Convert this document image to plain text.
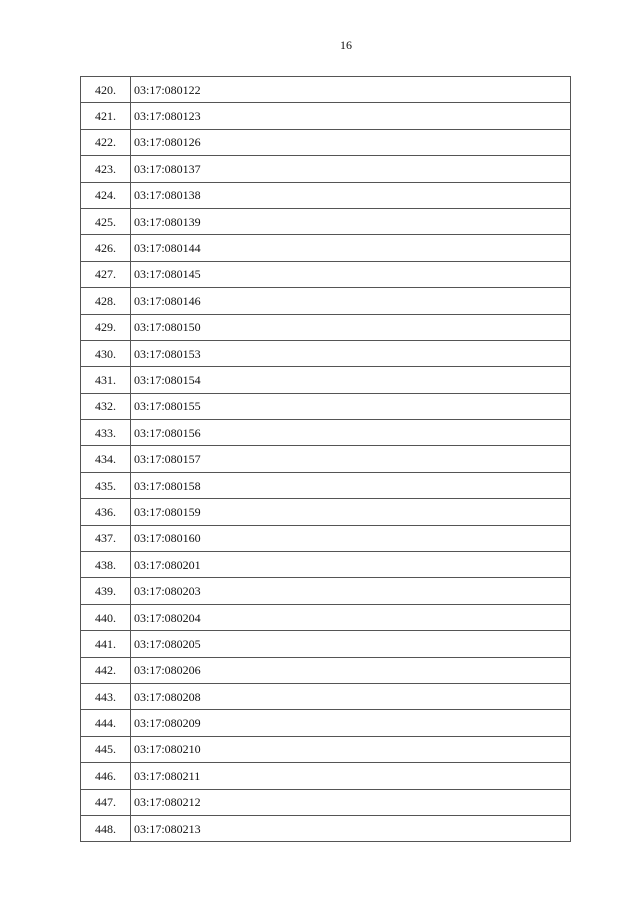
16
420.	03:17:080122
421.	03:17:080123
422.	03:17:080126
423.	03:17:080137
424.	03:17:080138
425.	03:17:080139
426.	03:17:080144
427.	03:17:080145
428.	03:17:080146
429.	03:17:080150
430.	03:17:080153
431.	03:17:080154
432.	03:17:080155
433.	03:17:080156
434.	03:17:080157
435.	03:17:080158
436.	03:17:080159
437.	03:17:080160
438.	03:17:080201
439.	03:17:080203
440.	03:17:080204
441.	03:17:080205
442.	03:17:080206
443.	03:17:080208
444.	03:17:080209
445.	03:17:080210
446.	03:17:080211
447.	03:17:080212
448.	03:17:080213
